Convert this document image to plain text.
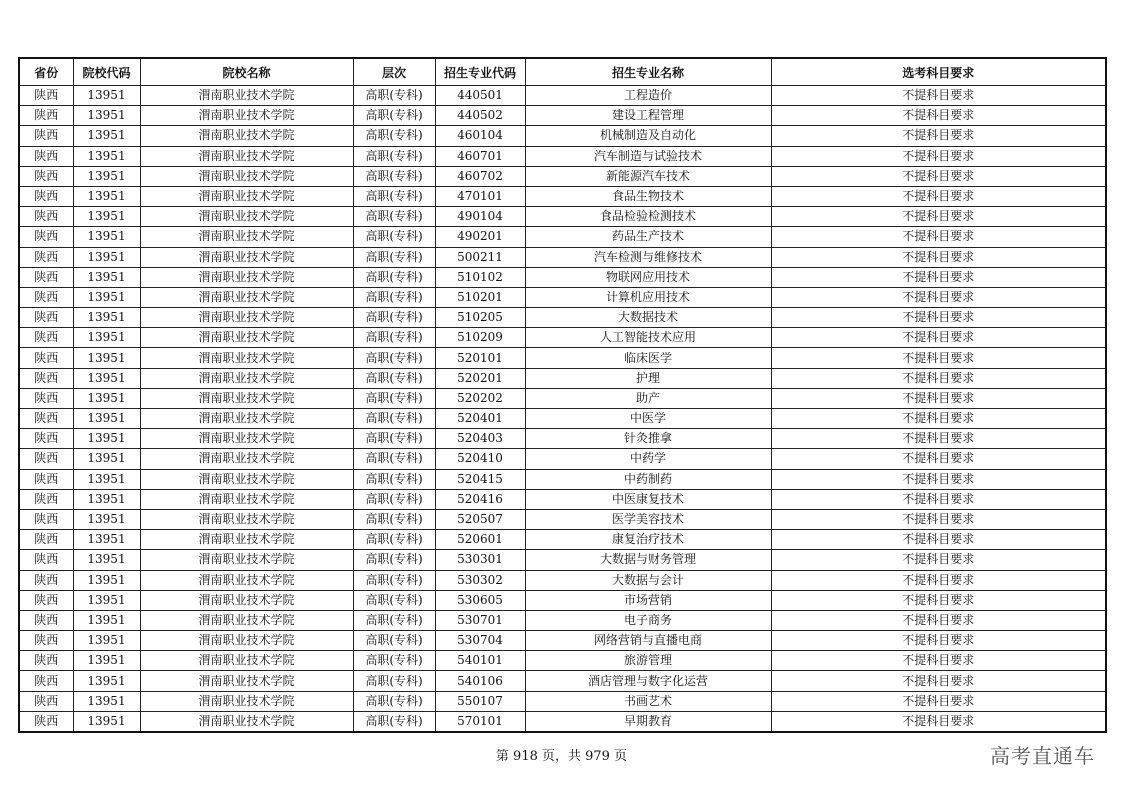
省份	院校代码	院校名称	层次	招生专业代码	招生专业名称	选考科目要求
陕西	13951	渭南职业技术学院	高职(专科)	440501	工程造价	不提科目要求
陕西	13951	渭南职业技术学院	高职(专科)	440502	建设工程管理	不提科目要求
陕西	13951	渭南职业技术学院	高职(专科)	460104	机械制造及自动化	不提科目要求
陕西	13951	渭南职业技术学院	高职(专科)	460701	汽车制造与试验技术	不提科目要求
陕西	13951	渭南职业技术学院	高职(专科)	460702	新能源汽车技术	不提科目要求
陕西	13951	渭南职业技术学院	高职(专科)	470101	食品生物技术	不提科目要求
陕西	13951	渭南职业技术学院	高职(专科)	490104	食品检验检测技术	不提科目要求
陕西	13951	渭南职业技术学院	高职(专科)	490201	药品生产技术	不提科目要求
陕西	13951	渭南职业技术学院	高职(专科)	500211	汽车检测与维修技术	不提科目要求
陕西	13951	渭南职业技术学院	高职(专科)	510102	物联网应用技术	不提科目要求
陕西	13951	渭南职业技术学院	高职(专科)	510201	计算机应用技术	不提科目要求
陕西	13951	渭南职业技术学院	高职(专科)	510205	大数据技术	不提科目要求
陕西	13951	渭南职业技术学院	高职(专科)	510209	人工智能技术应用	不提科目要求
陕西	13951	渭南职业技术学院	高职(专科)	520101	临床医学	不提科目要求
陕西	13951	渭南职业技术学院	高职(专科)	520201	护理	不提科目要求
陕西	13951	渭南职业技术学院	高职(专科)	520202	助产	不提科目要求
陕西	13951	渭南职业技术学院	高职(专科)	520401	中医学	不提科目要求
陕西	13951	渭南职业技术学院	高职(专科)	520403	针灸推拿	不提科目要求
陕西	13951	渭南职业技术学院	高职(专科)	520410	中药学	不提科目要求
陕西	13951	渭南职业技术学院	高职(专科)	520415	中药制药	不提科目要求
陕西	13951	渭南职业技术学院	高职(专科)	520416	中医康复技术	不提科目要求
陕西	13951	渭南职业技术学院	高职(专科)	520507	医学美容技术	不提科目要求
陕西	13951	渭南职业技术学院	高职(专科)	520601	康复治疗技术	不提科目要求
陕西	13951	渭南职业技术学院	高职(专科)	530301	大数据与财务管理	不提科目要求
陕西	13951	渭南职业技术学院	高职(专科)	530302	大数据与会计	不提科目要求
陕西	13951	渭南职业技术学院	高职(专科)	530605	市场营销	不提科目要求
陕西	13951	渭南职业技术学院	高职(专科)	530701	电子商务	不提科目要求
陕西	13951	渭南职业技术学院	高职(专科)	530704	网络营销与直播电商	不提科目要求
陕西	13951	渭南职业技术学院	高职(专科)	540101	旅游管理	不提科目要求
陕西	13951	渭南职业技术学院	高职(专科)	540106	酒店管理与数字化运营	不提科目要求
陕西	13951	渭南职业技术学院	高职(专科)	550107	书画艺术	不提科目要求
陕西	13951	渭南职业技术学院	高职(专科)	570101	早期教育	不提科目要求
第 918 页，共 979 页	高考直通车
